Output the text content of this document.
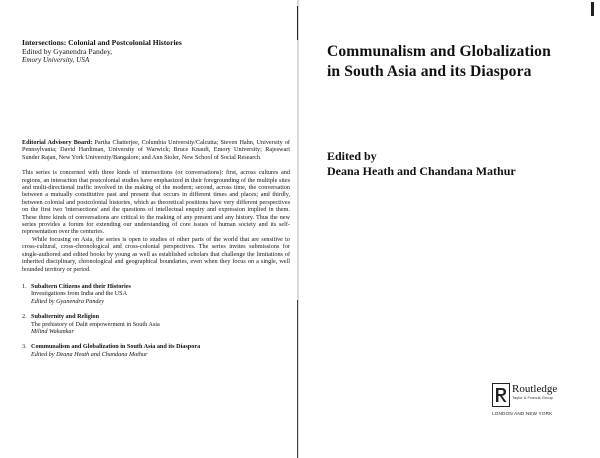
Intersections: Colonial and Postcolonial Histories

Edited by Gyanendra Pandey,

Emory University, USA

Editorial Advisory Board: Partha Chatterjee, Columbia University/Calcutta; Steven Hahn, University of Pennsylvania; David Hardiman, University of Warwick; Bruce Knauft, Emory University; Rajeswari Sunder Rajan, New York University/Bangalore; and Ann Stoler, New School of Social Research.

This series is concerned with three kinds of intersections (or conversations): first, across cultures and regions, an interaction that postcolonial studies have emphasized in their foregrounding of the multiple sites and multi-directional traffic involved in the making of the modern; second, across time, the conversation between a mutually constitutive past and present that occurs in different times and places; and thirdly, between colonial and postcolonial histories, which as theoretical positions have very different perspectives on the first two 'intersections' and the questions of intellectual enquiry and expression implied in them. These three kinds of conversations are critical to the making of any present and any history. Thus the new series provides a forum for extending our understanding of core issues of human society and its self-representation over the centuries.

While focusing on Asia, the series is open to studies of other parts of the world that are sensitive to cross-cultural, cross-chronological and cross-colonial perspectives. The series invites submissions for single-authored and edited books by young as well as established scholars that challenge the limitations of inherited disciplinary, chronological and geographical boundaries, even when they focus on a single, well bounded territory or period.

1. Subaltern Citizens and their Histories
Investigations from India and the USA
Edited by Gyanendra Pandey
2. Subalternity and Religion
The prehistory of Dalit empowerment in South Asia
Milind Wakankar
3. Communalism and Globalization in South Asia and its Diaspora
Edited by Deana Heath and Chandana Mathur

Communalism and Globalization
in South Asia and its Diaspora

Edited by

Deana Heath and Chandana Mathur

Routledge
Taylor & Francis Group
LONDON AND NEW YORK
